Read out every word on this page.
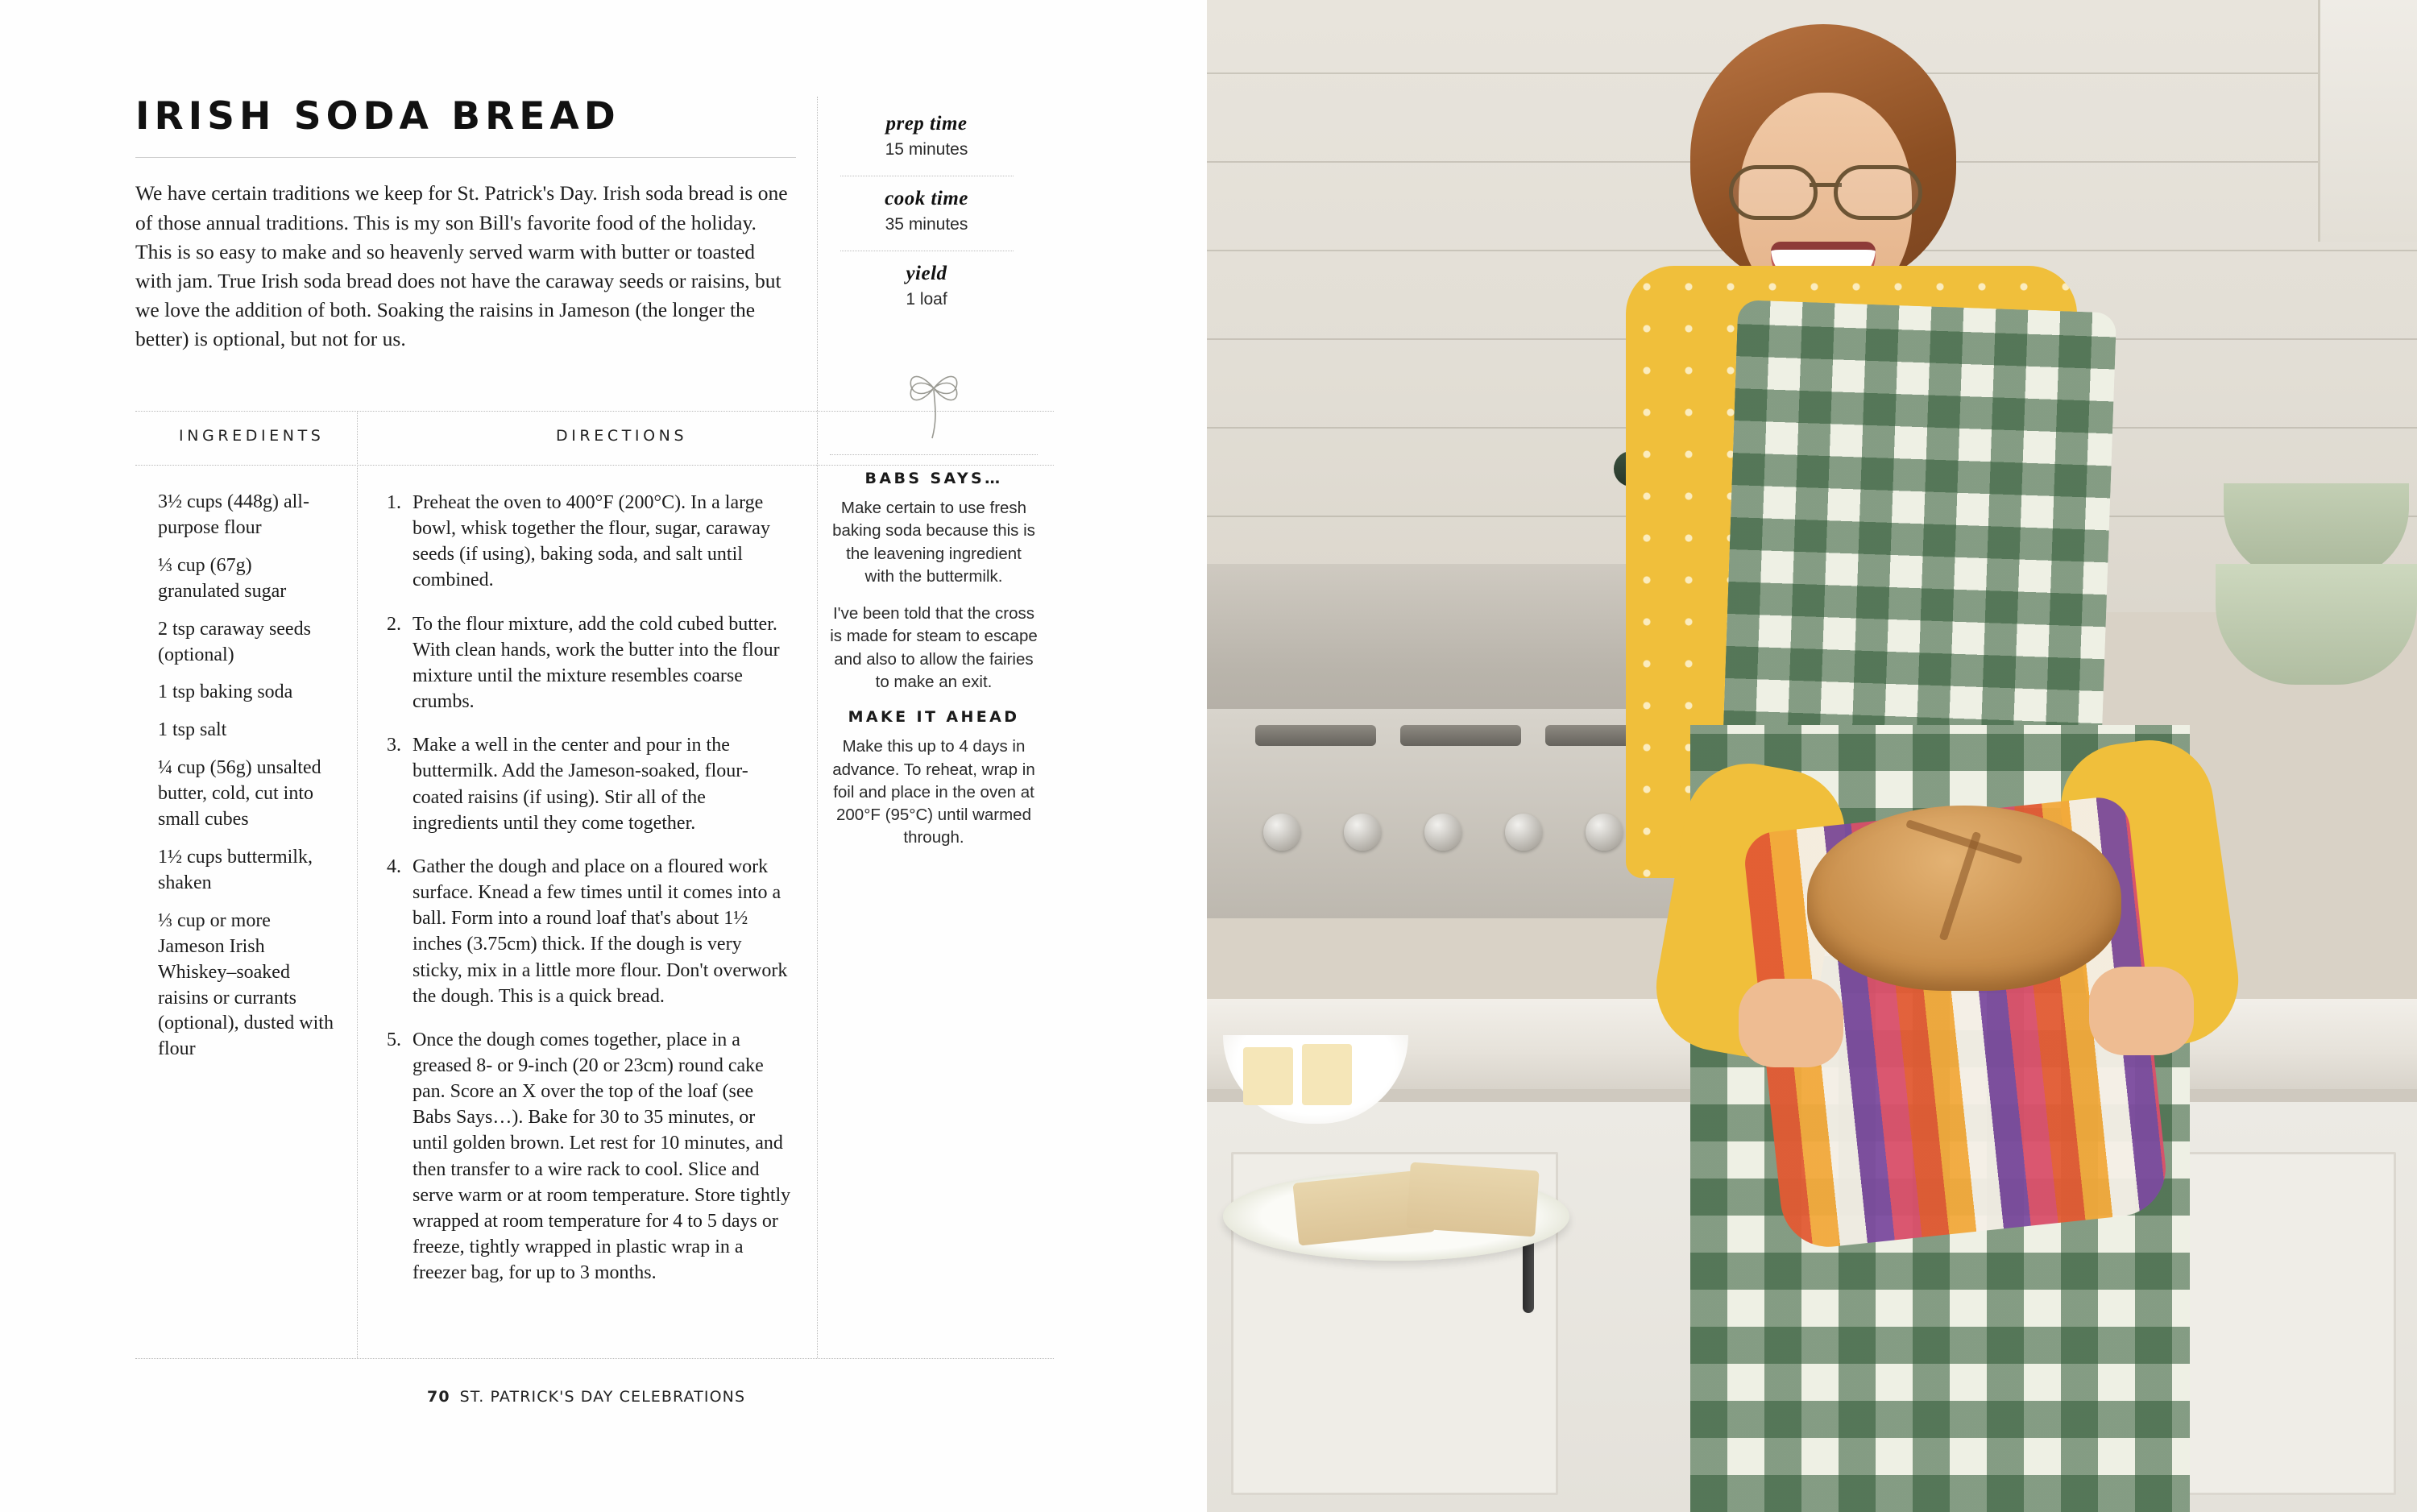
IRISH SODA BREAD

We have certain traditions we keep for St. Patrick's Day. Irish soda bread is one of those annual traditions. This is my son Bill's favorite food of the holiday. This is so easy to make and so heavenly served warm with butter or toasted with jam. True Irish soda bread does not have the caraway seeds or raisins, but we love the addition of both. Soaking the raisins in Jameson (the longer the better) is optional, but not for us.

prep time
15 minutes
cook time
35 minutes
yield
1 loaf
INGREDIENTS	DIRECTIONS
3½ cups (448g) all-purpose flour
⅓ cup (67g) granulated sugar
2 tsp caraway seeds (optional)
1 tsp baking soda
1 tsp salt
¼ cup (56g) unsalted butter, cold, cut into small cubes
1½ cups buttermilk, shaken
⅓ cup or more Jameson Irish Whiskey–soaked raisins or currants (optional), dusted with flour
1. Preheat the oven to 400°F (200°C). In a large bowl, whisk together the flour, sugar, caraway seeds (if using), baking soda, and salt until combined.
2. To the flour mixture, add the cold cubed butter. With clean hands, work the butter into the flour mixture until the mixture resembles coarse crumbs.
3. Make a well in the center and pour in the buttermilk. Add the Jameson-soaked, flour-coated raisins (if using). Stir all of the ingredients until they come together.
4. Gather the dough and place on a floured work surface. Knead a few times until it comes into a ball. Form into a round loaf that's about 1½ inches (3.75cm) thick. If the dough is very sticky, mix in a little more flour. Don't overwork the dough. This is a quick bread.
5. Once the dough comes together, place in a greased 8- or 9-inch (20 or 23cm) round cake pan. Score an X over the top of the loaf (see Babs Says…). Bake for 30 to 35 minutes, or until golden brown. Let rest for 10 minutes, and then transfer to a wire rack to cool. Slice and serve warm or at room temperature. Store tightly wrapped at room temperature for 4 to 5 days or freeze, tightly wrapped in plastic wrap in a freezer bag, for up to 3 months.
BABS SAYS…
Make certain to use fresh baking soda because this is the leavening ingredient with the buttermilk.
I've been told that the cross is made for steam to escape and also to allow the fairies to make an exit.
MAKE IT AHEAD
Make this up to 4 days in advance. To reheat, wrap in foil and place in the oven at 200°F (95°C) until warmed through.
70 ST. PATRICK'S DAY CELEBRATIONS
